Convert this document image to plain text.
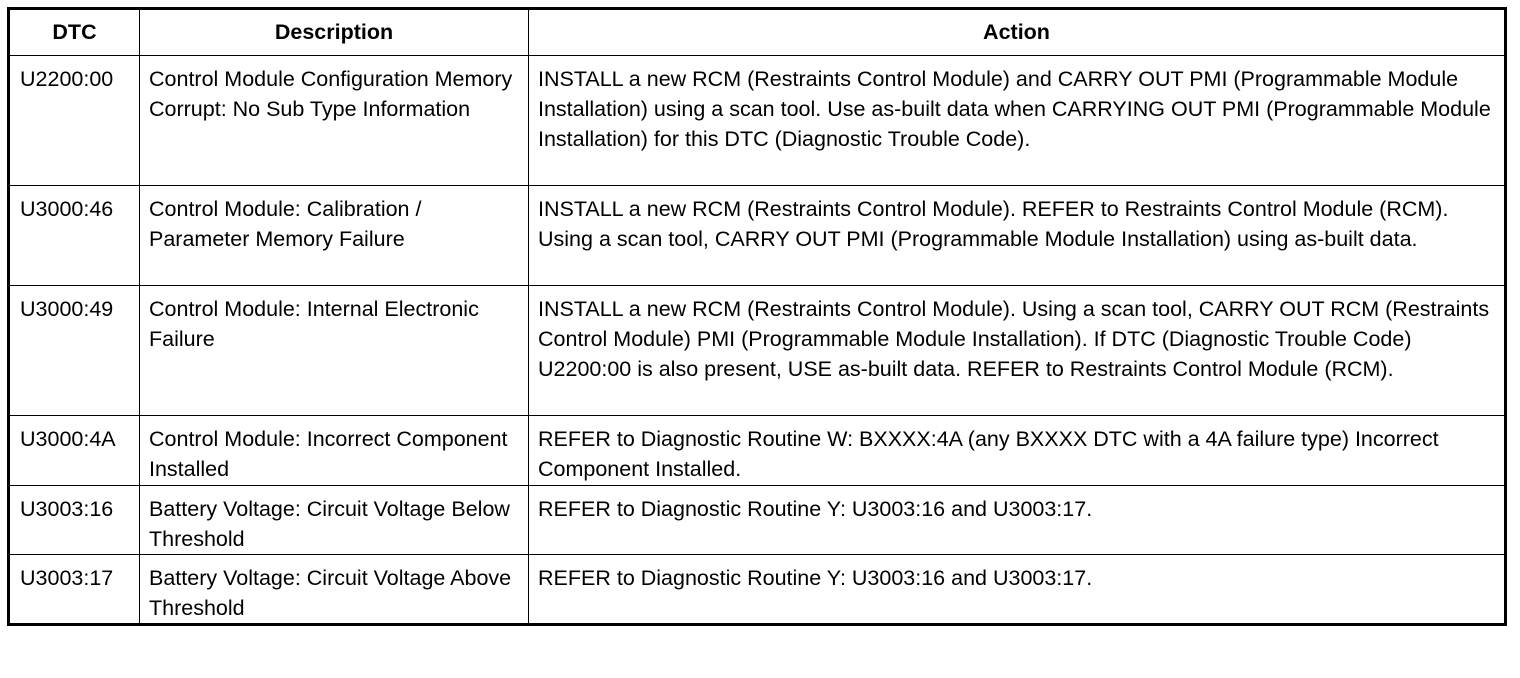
DTC	Description	Action
U2200:00	Control Module Configuration Memory Corrupt: No Sub Type Information	INSTALL a new RCM (Restraints Control Module) and CARRY OUT PMI (Programmable Module Installation) using a scan tool. Use as-built data when CARRYING OUT PMI (Programmable Module Installation) for this DTC (Diagnostic Trouble Code).
U3000:46	Control Module: Calibration / Parameter Memory Failure	INSTALL a new RCM (Restraints Control Module). REFER to Restraints Control Module (RCM). Using a scan tool, CARRY OUT PMI (Programmable Module Installation) using as-built data.
U3000:49	Control Module: Internal Electronic Failure	INSTALL a new RCM (Restraints Control Module). Using a scan tool, CARRY OUT RCM (Restraints Control Module) PMI (Programmable Module Installation). If DTC (Diagnostic Trouble Code) U2200:00 is also present, USE as-built data. REFER to Restraints Control Module (RCM).
U3000:4A	Control Module: Incorrect Component Installed	REFER to Diagnostic Routine W: BXXXX:4A (any BXXXX DTC with a 4A failure type) Incorrect Component Installed.
U3003:16	Battery Voltage: Circuit Voltage Below Threshold	REFER to Diagnostic Routine Y: U3003:16 and U3003:17.
U3003:17	Battery Voltage: Circuit Voltage Above Threshold	REFER to Diagnostic Routine Y: U3003:16 and U3003:17.
